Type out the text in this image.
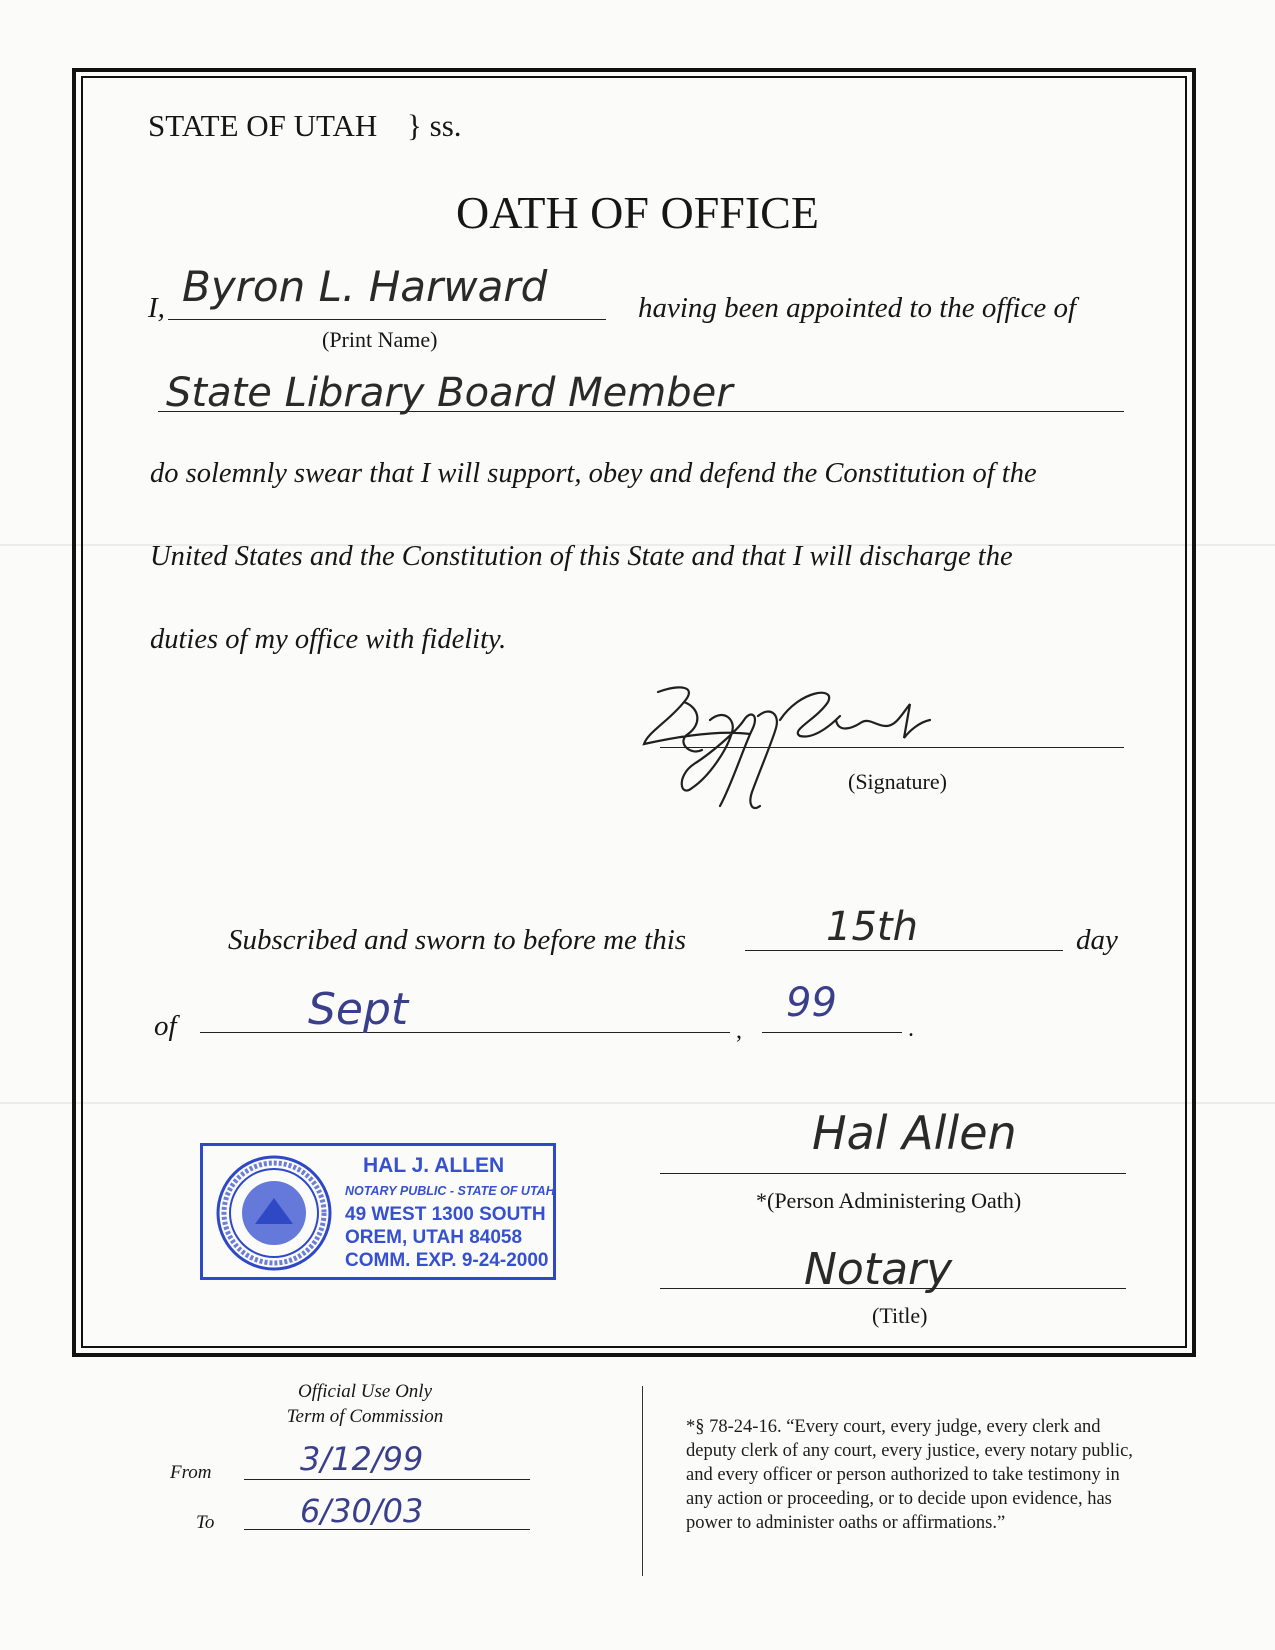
STATE OF UTAH } ss.
OATH OF OFFICE
I, Byron L. Harward
(Print Name)
having been appointed to the office of
State Library Board Member
do solemnly swear that I will support, obey and defend the Constitution of the
United States and the Constitution of this State and that I will discharge the
duties of my office with fidelity.
(Signature)
Subscribed and sworn to before me this	15th	day
of	Sept	,
99
.
HAL J. ALLEN
NOTARY PUBLIC - STATE OF UTAH
49 WEST 1300 SOUTH
OREM, UTAH 84058
COMM. EXP. 9-24-2000
Hal Allen
*(Person Administering Oath)
Notary
(Title)
Official Use Only
Term of Commission
From	3/12/99
To	6/30/03
*§ 78-24-16. “Every court, every judge, every clerk and
deputy clerk of any court, every justice, every notary public,
and every officer or person authorized to take testimony in
any action or proceeding, or to decide upon evidence, has
power to administer oaths or affirmations.”
